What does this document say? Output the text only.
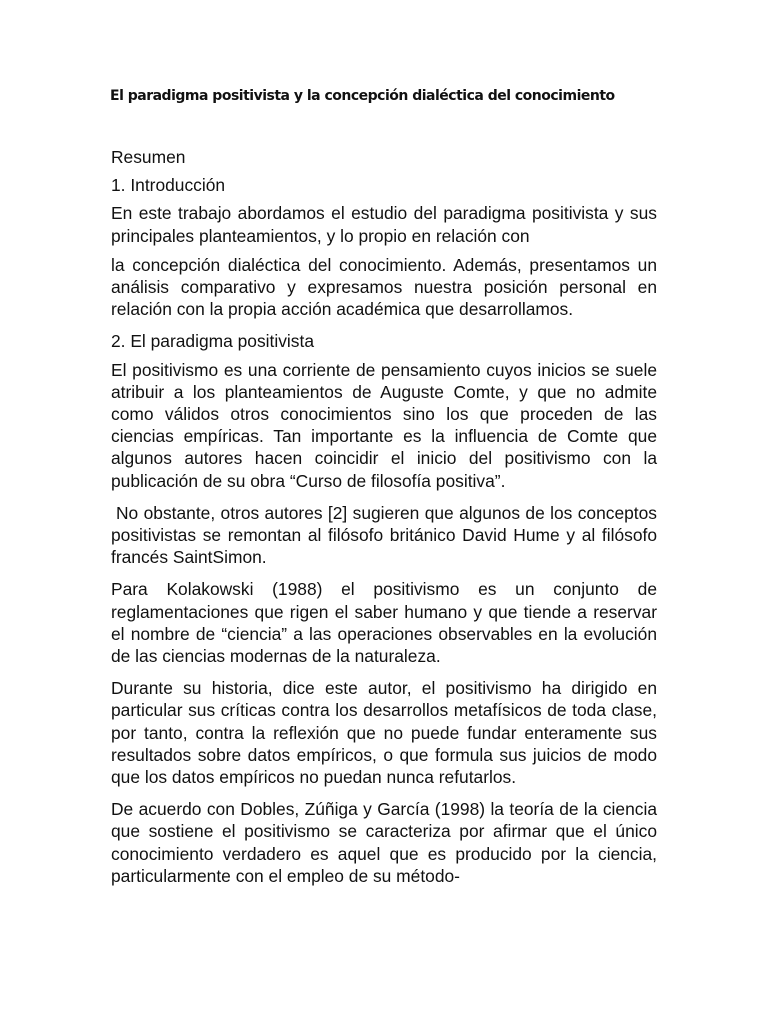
El paradigma positivista y la concepción dialéctica del conocimiento

Resumen

1. Introducción

En este trabajo abordamos el estudio del paradigma positivista y sus principales planteamientos, y lo propio en relación con

la concepción dialéctica del conocimiento. Además, presentamos un análisis comparativo y expresamos nuestra posición personal en relación con la propia acción académica que desarrollamos.

2. El paradigma positivista

El positivismo es una corriente de pensamiento cuyos inicios se suele atribuir a los planteamientos de Auguste Comte, y que no admite como válidos otros conocimientos sino los que proceden de las ciencias empíricas. Tan importante es la influencia de Comte que algunos autores hacen coincidir el inicio del positivismo con la publicación de su obra “Curso de filosofía positiva”.

No obstante, otros autores [2] sugieren que algunos de los conceptos positivistas se remontan al filósofo británico David Hume y al filósofo francés SaintSimon.

Para Kolakowski (1988) el positivismo es un conjunto de reglamentaciones que rigen el saber humano y que tiende a reservar el nombre de “ciencia” a las operaciones observables en la evolución de las ciencias modernas de la naturaleza.

Durante su historia, dice este autor, el positivismo ha dirigido en particular sus críticas contra los desarrollos metafísicos de toda clase, por tanto, contra la reflexión que no puede fundar enteramente sus resultados sobre datos empíricos, o que formula sus juicios de modo que los datos empíricos no puedan nunca refutarlos.

De acuerdo con Dobles, Zúñiga y García (1998) la teoría de la ciencia que sostiene el positivismo se caracteriza por afirmar que el único conocimiento verdadero es aquel que es producido por la ciencia, particularmente con el empleo de su método-
